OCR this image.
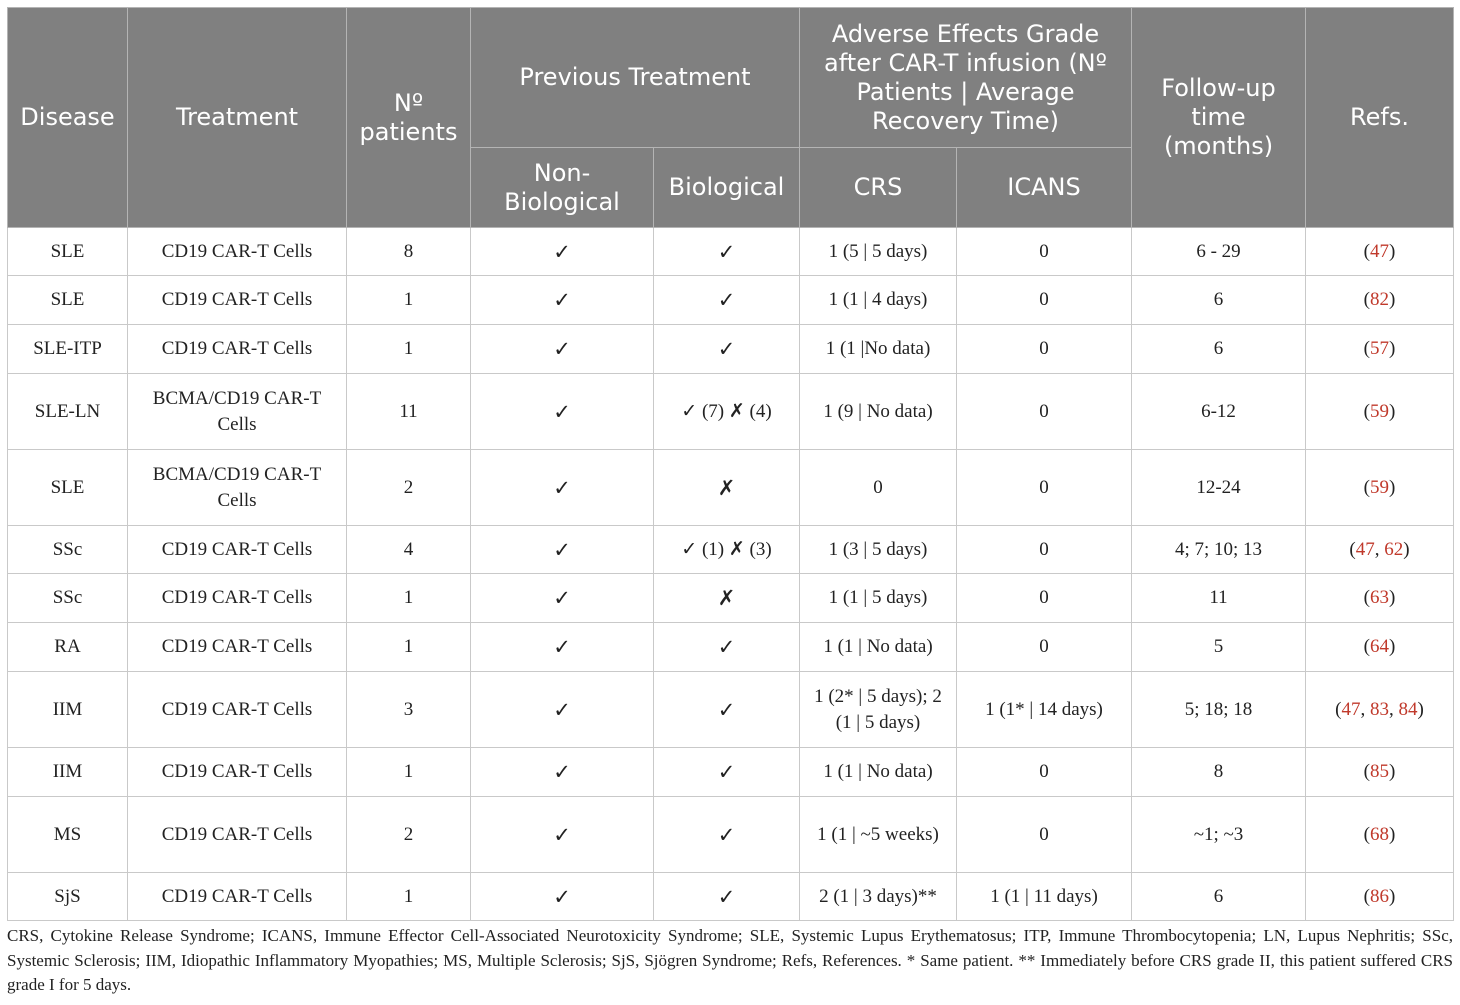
Disease	Treatment	Nº patients	Previous Treatment		Adverse Effects Grade after CAR-T infusion (Nº Patients | Average Recovery Time)		Follow-up time (months)	Refs.
			Non-Biological	Biological	CRS	ICANS		
SLE	CD19 CAR-T Cells	8	✓	✓	1 (5 | 5 days)	0	6 - 29	(47)
SLE	CD19 CAR-T Cells	1	✓	✓	1 (1 | 4 days)	0	6	(82)
SLE-ITP	CD19 CAR-T Cells	1	✓	✓	1 (1 |No data)	0	6	(57)
SLE-LN	BCMA/CD19 CAR-T Cells	11	✓	✓ (7) ✗ (4)	1 (9 | No data)	0	6-12	(59)
SLE	BCMA/CD19 CAR-T Cells	2	✓	✗	0	0	12-24	(59)
SSc	CD19 CAR-T Cells	4	✓	✓ (1) ✗ (3)	1 (3 | 5 days)	0	4; 7; 10; 13	(47, 62)
SSc	CD19 CAR-T Cells	1	✓	✗	1 (1 | 5 days)	0	11	(63)
RA	CD19 CAR-T Cells	1	✓	✓	1 (1 | No data)	0	5	(64)
IIM	CD19 CAR-T Cells	3	✓	✓	1 (2* | 5 days); 2 (1 | 5 days)	1 (1* | 14 days)	5; 18; 18	(47, 83, 84)
IIM	CD19 CAR-T Cells	1	✓	✓	1 (1 | No data)	0	8	(85)
MS	CD19 CAR-T Cells	2	✓	✓	1 (1 | ~5 weeks)	0	~1; ~3	(68)
SjS	CD19 CAR-T Cells	1	✓	✓	2 (1 | 3 days)**	1 (1 | 11 days)	6	(86)
CRS, Cytokine Release Syndrome; ICANS, Immune Effector Cell-Associated Neurotoxicity Syndrome; SLE, Systemic Lupus Erythematosus; ITP, Immune Thrombocytopenia; LN, Lupus Nephritis; SSc, Systemic Sclerosis; IIM, Idiopathic Inflammatory Myopathies; MS, Multiple Sclerosis; SjS, Sjögren Syndrome; Refs, References. * Same patient. ** Immediately before CRS grade II, this patient suffered CRS grade I for 5 days.
